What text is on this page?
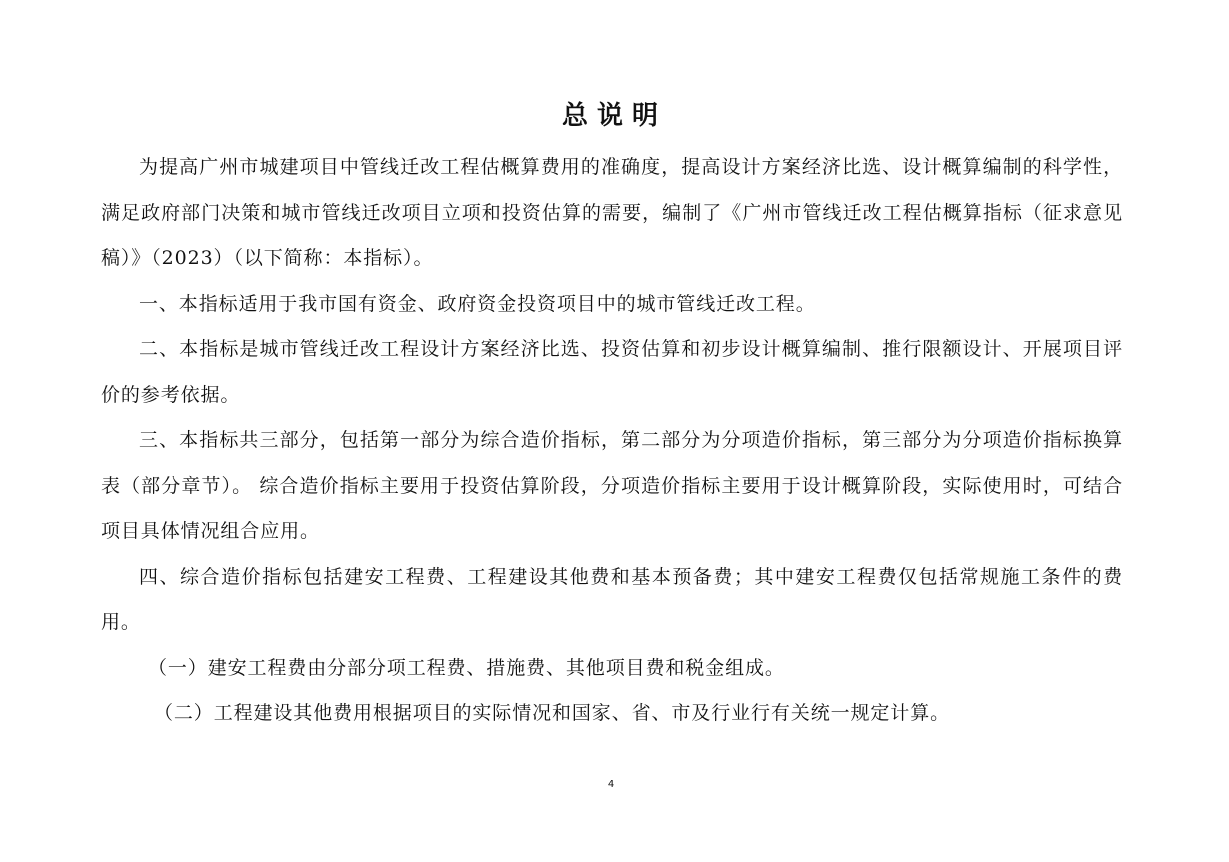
总说明

为提高广州市城建项目中管线迁改工程估概算费用的准确度，提高设计方案经济比选、设计概算编制的科学性，满足政府部门决策和城市管线迁改项目立项和投资估算的需要，编制了《广州市管线迁改工程估概算指标（征求意见稿）》（2023）（以下简称：本指标）。

一、本指标适用于我市国有资金、政府资金投资项目中的城市管线迁改工程。

二、本指标是城市管线迁改工程设计方案经济比选、投资估算和初步设计概算编制、推行限额设计、开展项目评价的参考依据。

三、本指标共三部分，包括第一部分为综合造价指标，第二部分为分项造价指标，第三部分为分项造价指标换算表（部分章节）。 综合造价指标主要用于投资估算阶段，分项造价指标主要用于设计概算阶段，实际使用时，可结合项目具体情况组合应用。

四、综合造价指标包括建安工程费、工程建设其他费和基本预备费；其中建安工程费仅包括常规施工条件的费用。

（一）建安工程费由分部分项工程费、措施费、其他项目费和税金组成。

（二）工程建设其他费用根据项目的实际情况和国家、省、市及行业行有关统一规定计算。

4
